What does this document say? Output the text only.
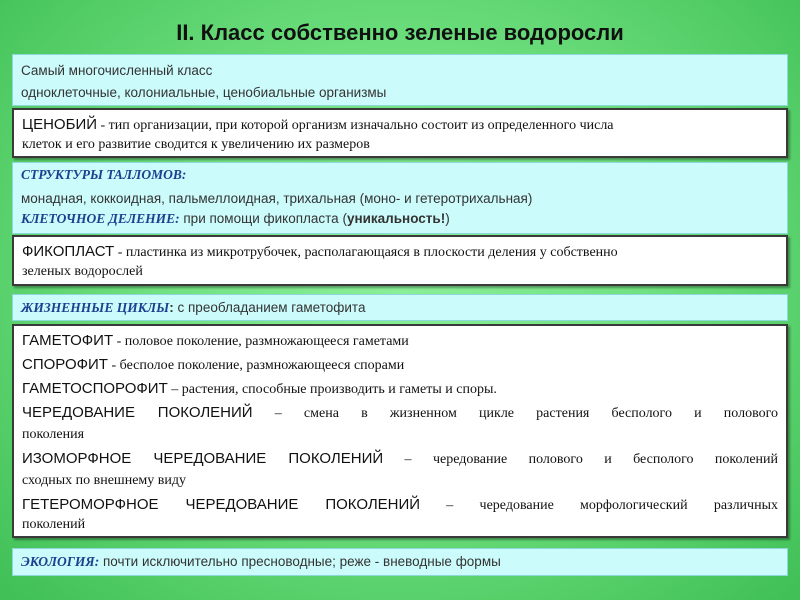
II. Класс собственно зеленые водоросли
Самый многочисленный класс
одноклеточные, колониальные, ценобиальные организмы
ЦЕНОБИЙ - тип организации, при которой организм изначально состоит из определенного числа
клеток и его развитие сводится к увеличению их размеров
СТРУКТУРЫ ТАЛЛОМОВ:
монадная, коккоидная, пальмеллоидная, трихальная (моно- и гетеротрихальная)
КЛЕТОЧНОЕ ДЕЛЕНИЕ: при помощи фикопласта (уникальность!)
ФИКОПЛАСТ - пластинка из микротрубочек, располагающаяся в плоскости деления у собственно
зеленых водорослей
ЖИЗНЕННЫЕ ЦИКЛЫ: с преобладанием гаметофита
ГАМЕТОФИТ - половое поколение, размножающееся гаметами
СПОРОФИТ - бесполое поколение, размножающееся спорами
ГАМЕТОСПОРОФИТ – растения, способные производить и гаметы и споры.
ЧЕРЕДОВАНИЕ ПОКОЛЕНИЙ – смена в жизненном цикле растения бесполого и полового
поколения
ИЗОМОРФНОЕ ЧЕРЕДОВАНИЕ ПОКОЛЕНИЙ – чередование полового и бесполого поколений
сходных по внешнему виду
ГЕТЕРОМОРФНОЕ ЧЕРЕДОВАНИЕ ПОКОЛЕНИЙ – чередование морфологический различных
поколений
ЭКОЛОГИЯ: почти исключительно пресноводные; реже - вневодные формы
